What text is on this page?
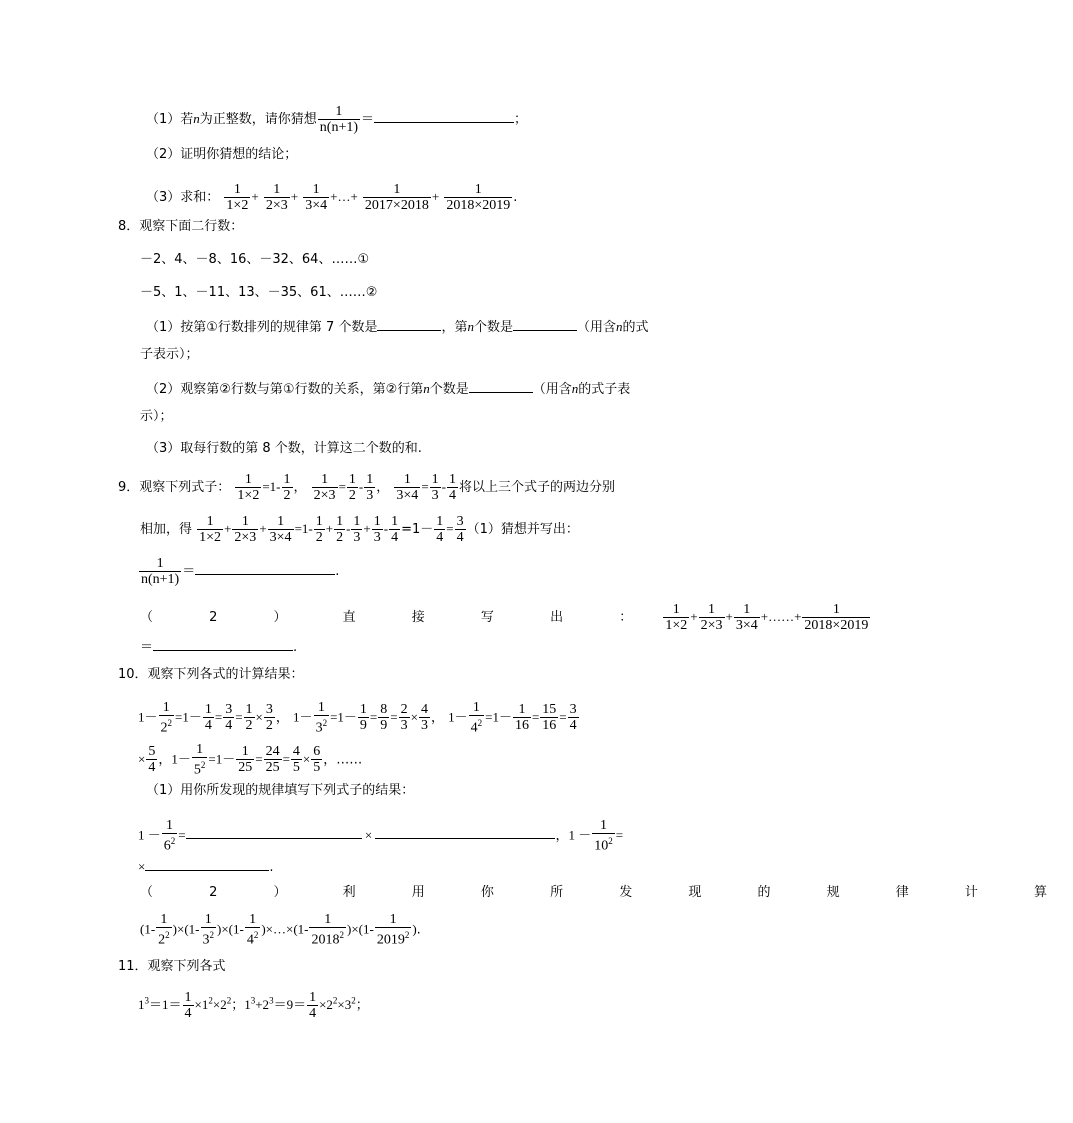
（1）若n为正整数，请你猜想 $\frac{1}{n(n+1)}$ ＝	；
（2）证明你猜想的结论；
（3）求和： $\frac{1}{1\times 2} + \frac{1}{2\times 3} + \frac{1}{3\times 4}$ +…+ $\frac{1}{2017\times 2018} + \frac{1}{2018\times 2019}$ .
8．观察下面二行数：
－2、4、－8、16、－32、64、……①
－5、1、－11、13、－35、61、……②
（1）按第①行数排列的规律第 7 个数是	，第n个数是	（用含n的式
子表示）；
（2）观察第②行数与第①行数的关系，第②行第n个数是	（用含n的式子表
示）；
（3）取每行数的第 8 个数，计算这二个数的和.
9．观察下列式子： $\frac{1}{1\times 2} =1- \frac{1}{2}$ ， $\frac{1}{2\times 3} = \frac{1}{2} - \frac{1}{3}$ ， $\frac{1}{3\times 4} = \frac{1}{3} - \frac{1}{4}$ 将以上三个式子的两边分别
相加，得 $\frac{1}{1\times 2} + \frac{1}{2\times 3} + \frac{1}{3\times 4} =1- \frac{1}{2} + \frac{1}{2} - \frac{1}{3} + \frac{1}{3} - \frac{1}{4} =1- \frac{1}{4} = \frac{3}{4} (1)$猜想并写出：
$\frac{1}{n(n+1)}$ ＝	.
（ 2 ） 直 接 写 出 ： $\frac{1}{1\times 2} + \frac{1}{2\times 3} + \frac{1}{3\times 4}$ +……+ $\frac{1}{2018\times 2019}$
＝	.
10．观察下列各式的计算结果：
$1- \frac{1}{2^2} =1- \frac{1}{4} = \frac{3}{4} = \frac{1}{2} \times \frac{3}{2}$ ， $1- \frac{1}{3^2} =1- \frac{1}{9} = \frac{8}{9} = \frac{2}{3} \times \frac{4}{3}$ ， $1- \frac{1}{4^2} =1- \frac{1}{16} = \frac{15}{16} = \frac{3}{4}$
× $\frac{5}{4}$ ，$1- \frac{1}{5^2} =1- \frac{1}{25} = \frac{24}{25} = \frac{4}{5} \times \frac{6}{5}$ ，……
（1）用你所发现的规律填写下列式子的结果：
$1 - \frac{1}{6^2}$ =	×	，$1 - \frac{1}{10^2}$ =
×	.
（ 2 ） 利 用 你 所 发 现 的 规 律 计 算
$(1- \frac{1}{2^2} )\times(1- \frac{1}{3^2} )\times(1- \frac{1}{4^2}$ )×…×(1- $\frac{1}{2018^2} )\times(1- \frac{1}{2019^2}$ ).
11．观察下列各式
$1^3=1= \frac{1}{4} \times 1^2\times 2^2$；$1^3+2^3=9= \frac{1}{4} \times 2^2\times 3^2$；
